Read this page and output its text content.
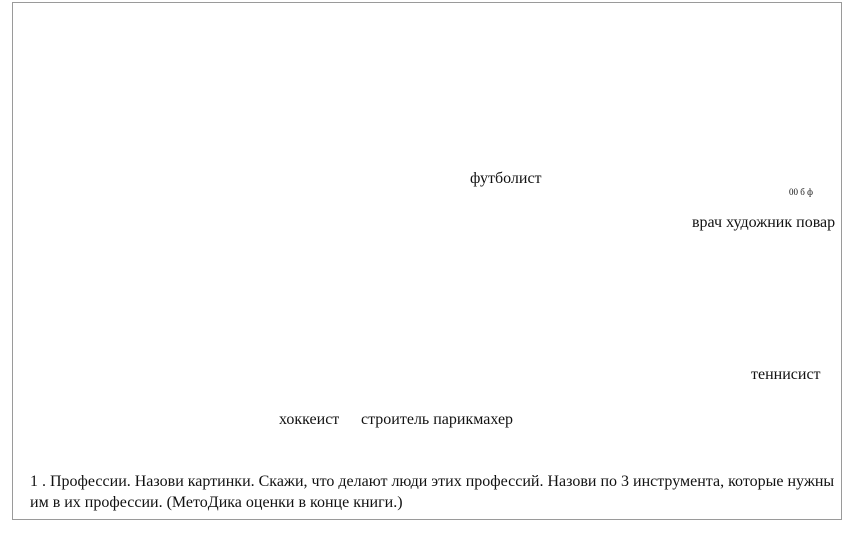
футболист
00 б ф
врач художник повар
теннисист
хоккеист строитель парикмахер
1 . Профессии. Назови картинки. Скажи, что делают люди этих профессий. Назови по 3 инструмента, которые нужны
им в их профессии. (МетоДика оценки в конце книги.)
